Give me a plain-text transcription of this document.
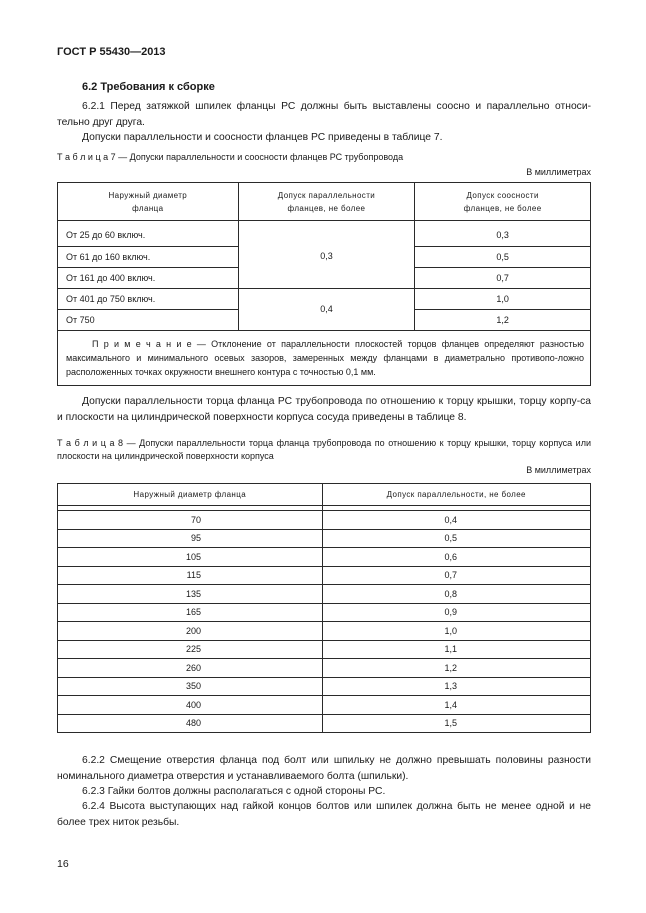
ГОСТ Р 55430—2013
6.2 Требования к сборке
6.2.1 Перед затяжкой шпилек фланцы РС должны быть выставлены соосно и параллельно относи-тельно друг друга.
Допуски параллельности и соосности фланцев РС приведены в таблице 7.
Т а б л и ц а 7 — Допуски параллельности и соосности фланцев РС трубопровода
В миллиметрах
Наружный диаметр фланца	Допуск параллельности фланцев, не более	Допуск соосности фланцев, не более

От 25 до 60 включ.	0,3	0,3
От 61 до 160 включ.		0,5
От 161 до 400 включ.		0,7
От 401 до 750 включ.	0,4	1,0
От 750		1,2
П р и м е ч а н и е — Отклонение от параллельности плоскостей торцов фланцев определяют разностью максимального и минимального осевых зазоров, замеренных между фланцами в диаметрально противопо-ложно расположенных точках окружности внешнего контура с точностью 0,1 мм.		
Допуски параллельности торца фланца РС трубопровода по отношению к торцу крышки, торцу корпу-са и плоскости на цилиндрической поверхности корпуса сосуда приведены в таблице 8.
Т а б л и ц а 8 — Допуски параллельности торца фланца трубопровода по отношению к торцу крышки, торцу корпуса или плоскости на цилиндрической поверхности корпуса
В миллиметрах
Наружный диаметр фланца	Допуск параллельности, не более

70	0,4
95	0,5
105	0,6
115	0,7
135	0,8
165	0,9
200	1,0
225	1,1
260	1,2
350	1,3
400	1,4
480	1,5
6.2.2 Смещение отверстия фланца под болт или шпильку не должно превышать половины разности номинального диаметра отверстия и устанавливаемого болта (шпильки).
6.2.3 Гайки болтов должны располагаться с одной стороны РС.
6.2.4 Высота выступающих над гайкой концов болтов или шпилек должна быть не менее одной и не более трех ниток резьбы.
16
